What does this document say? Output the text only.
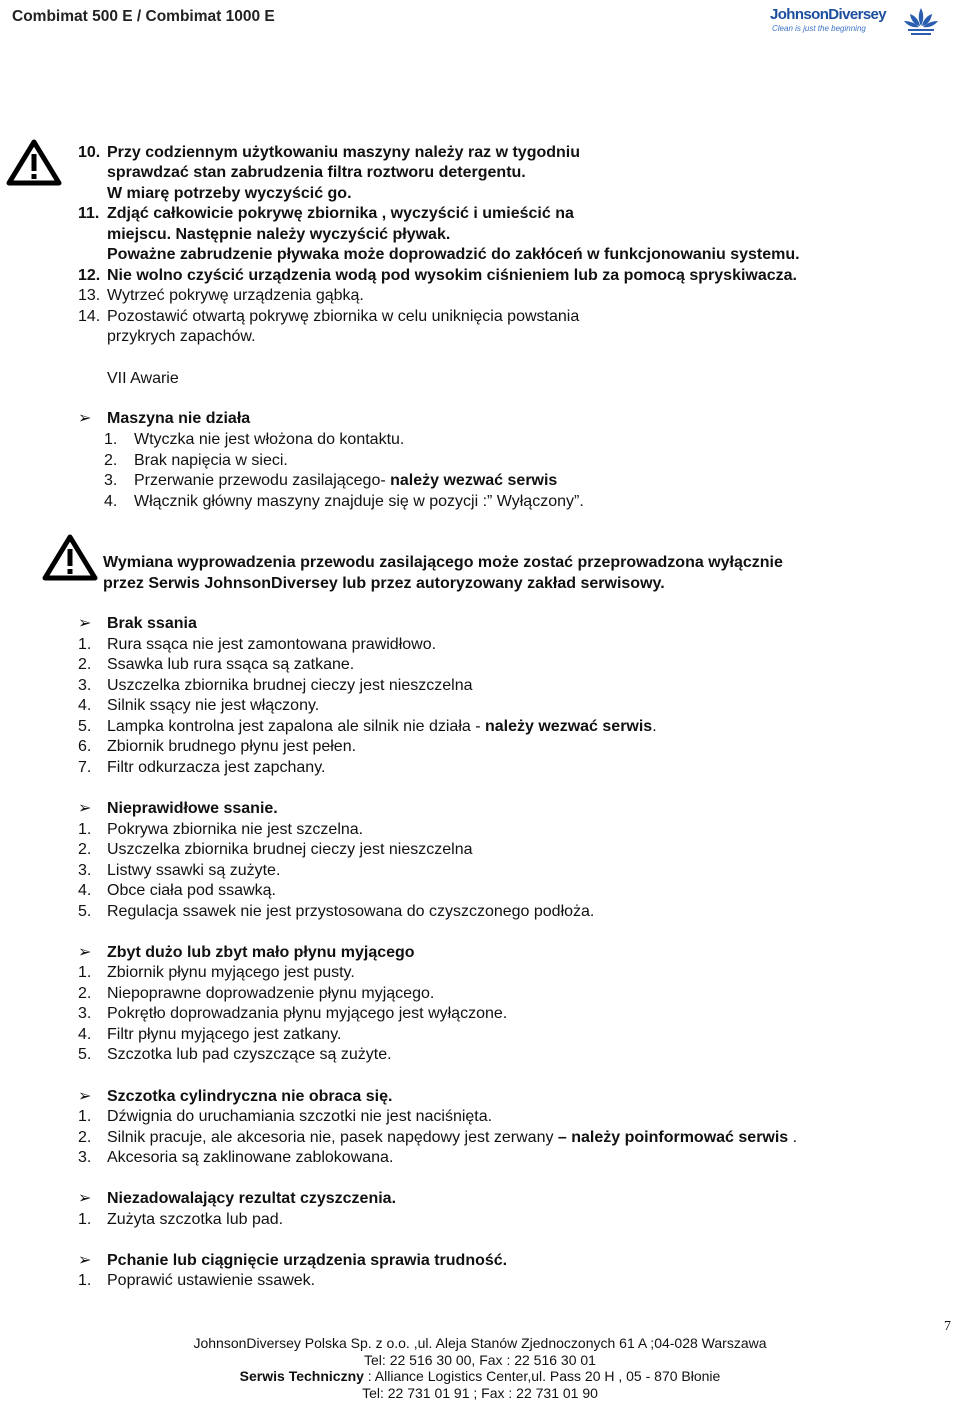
Combimat 500 E / Combimat 1000 E	JohnsonDiversey
Clean is just the beginning
10. Przy codziennym użytkowaniu maszyny należy raz w tygodniu
sprawdzać stan zabrudzenia filtra roztworu detergentu.
W miarę potrzeby wyczyścić go.
11. Zdjąć całkowicie pokrywę zbiornika , wyczyścić i umieścić na
miejscu. Następnie należy wyczyścić pływak.
Poważne zabrudzenie pływaka może doprowadzić do zakłóceń w funkcjonowaniu systemu.
12. Nie wolno czyścić urządzenia wodą pod wysokim ciśnieniem lub za pomocą spryskiwacza.
13. Wytrzeć pokrywę urządzenia gąbką.
14. Pozostawić otwartą pokrywę zbiornika w celu uniknięcia powstania
przykrych zapachów.
VII Awarie
➢ Maszyna nie działa
1. Wtyczka nie jest włożona do kontaktu.
2. Brak napięcia w sieci.
3. Przerwanie przewodu zasilającego- należy wezwać serwis
4. Włącznik główny maszyny znajduje się w pozycji :” Wyłączony”.
Wymiana wyprowadzenia przewodu zasilającego może zostać przeprowadzona wyłącznie
przez Serwis JohnsonDiversey lub przez autoryzowany zakład serwisowy.
➢ Brak ssania
1. Rura ssąca nie jest zamontowana prawidłowo.
2. Ssawka lub rura ssąca są zatkane.
3. Uszczelka zbiornika brudnej cieczy jest nieszczelna
4. Silnik ssący nie jest włączony.
5. Lampka kontrolna jest zapalona ale silnik nie działa - należy wezwać serwis.
6. Zbiornik brudnego płynu jest pełen.
7. Filtr odkurzacza jest zapchany.
➢ Nieprawidłowe ssanie.
1. Pokrywa zbiornika nie jest szczelna.
2. Uszczelka zbiornika brudnej cieczy jest nieszczelna
3. Listwy ssawki są zużyte.
4. Obce ciała pod ssawką.
5. Regulacja ssawek nie jest przystosowana do czyszczonego podłoża.
➢ Zbyt dużo lub zbyt mało płynu myjącego
1. Zbiornik płynu myjącego jest pusty.
2. Niepoprawne doprowadzenie płynu myjącego.
3. Pokrętło doprowadzania płynu myjącego jest wyłączone.
4. Filtr płynu myjącego jest zatkany.
5. Szczotka lub pad czyszczące są zużyte.
➢ Szczotka cylindryczna nie obraca się.
1. Dźwignia do uruchamiania szczotki nie jest naciśnięta.
2. Silnik pracuje, ale akcesoria nie, pasek napędowy jest zerwany – należy poinformować serwis .
3. Akcesoria są zaklinowane zablokowana.
➢ Niezadowalający rezultat czyszczenia.
1. Zużyta szczotka lub pad.
➢ Pchanie lub ciągnięcie urządzenia sprawia trudność.
1. Poprawić ustawienie ssawek.
7
JohnsonDiversey Polska Sp. z o.o. ,ul. Aleja Stanów Zjednoczonych 61 A ;04-028 Warszawa
Tel: 22 516 30 00, Fax : 22 516 30 01
Serwis Techniczny : Alliance Logistics Center,ul. Pass 20 H , 05 - 870 Błonie
Tel: 22 731 01 91 ; Fax : 22 731 01 90
